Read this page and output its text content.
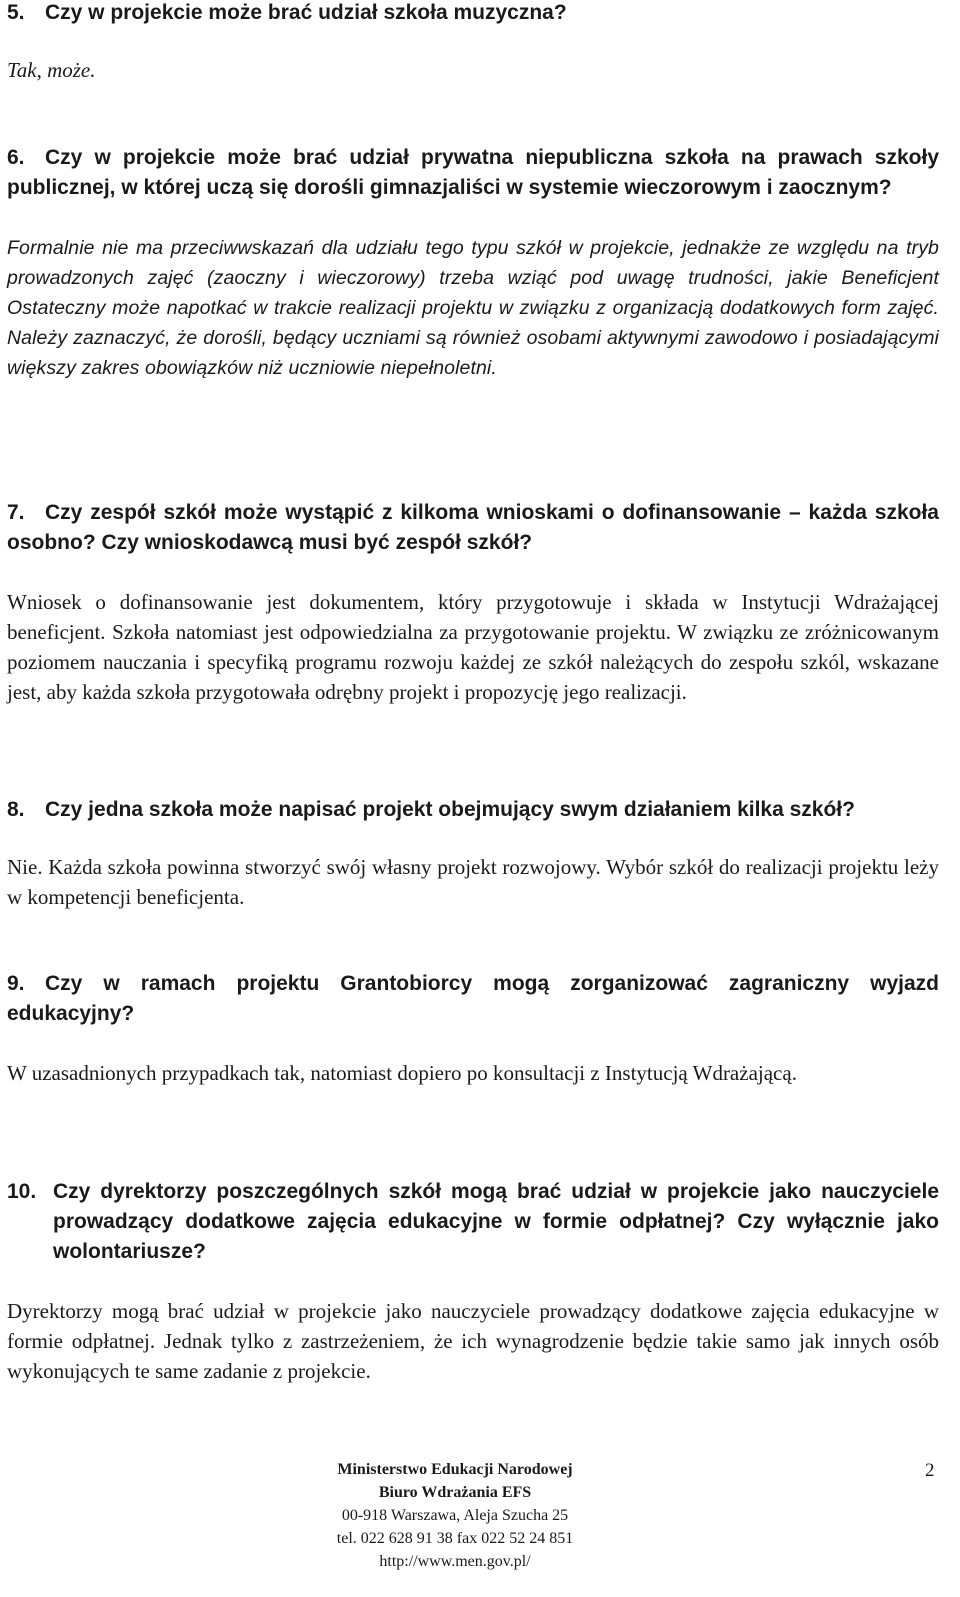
5. Czy w projekcie może brać udział szkoła muzyczna?
Tak, może.
6. Czy w projekcie może brać udział prywatna niepubliczna szkoła na prawach szkoły publicznej, w której uczą się dorośli gimnazjaliści w systemie wieczorowym i zaocznym?
Formalnie nie ma przeciwwskazań dla udziału tego typu szkół w projekcie, jednakże ze względu na tryb prowadzonych zajęć (zaoczny i wieczorowy) trzeba wziąć pod uwagę trudności, jakie Beneficjent Ostateczny może napotkać w trakcie realizacji projektu w związku z organizacją dodatkowych form zajęć. Należy zaznaczyć, że dorośli, będący uczniami są również osobami aktywnymi zawodowo i posiadającymi większy zakres obowiązków niż uczniowie niepełnoletni.
7. Czy zespół szkół może wystąpić z kilkoma wnioskami o dofinansowanie – każda szkoła osobno? Czy wnioskodawcą musi być zespół szkół?
Wniosek o dofinansowanie jest dokumentem, który przygotowuje i składa w Instytucji Wdrażającej beneficjent. Szkoła natomiast jest odpowiedzialna za przygotowanie projektu. W związku ze zróżnicowanym poziomem nauczania i specyfiką programu rozwoju każdej ze szkół należących do zespołu szkól, wskazane jest, aby każda szkoła przygotowała odrębny projekt i propozycję jego realizacji.
8. Czy jedna szkoła może napisać projekt obejmujący swym działaniem kilka szkół?
Nie. Każda szkoła powinna stworzyć swój własny projekt rozwojowy. Wybór szkół do realizacji projektu leży w kompetencji beneficjenta.
9. Czy w ramach projektu Grantobiorcy mogą zorganizować zagraniczny wyjazd edukacyjny?
W uzasadnionych przypadkach tak, natomiast dopiero po konsultacji z Instytucją Wdrażającą.
10. Czy dyrektorzy poszczególnych szkół mogą brać udział w projekcie jako nauczyciele prowadzący dodatkowe zajęcia edukacyjne w formie odpłatnej? Czy wyłącznie jako wolontariusze?
Dyrektorzy mogą brać udział w projekcie jako nauczyciele prowadzący dodatkowe zajęcia edukacyjne w formie odpłatnej. Jednak tylko z zastrzeżeniem, że ich wynagrodzenie będzie takie samo jak innych osób wykonujących te same zadanie z projekcie.
Ministerstwo Edukacji Narodowej
Biuro Wdrażania EFS
00-918 Warszawa, Aleja Szucha 25
tel. 022 628 91 38 fax 022 52 24 851
http://www.men.gov.pl/
2
